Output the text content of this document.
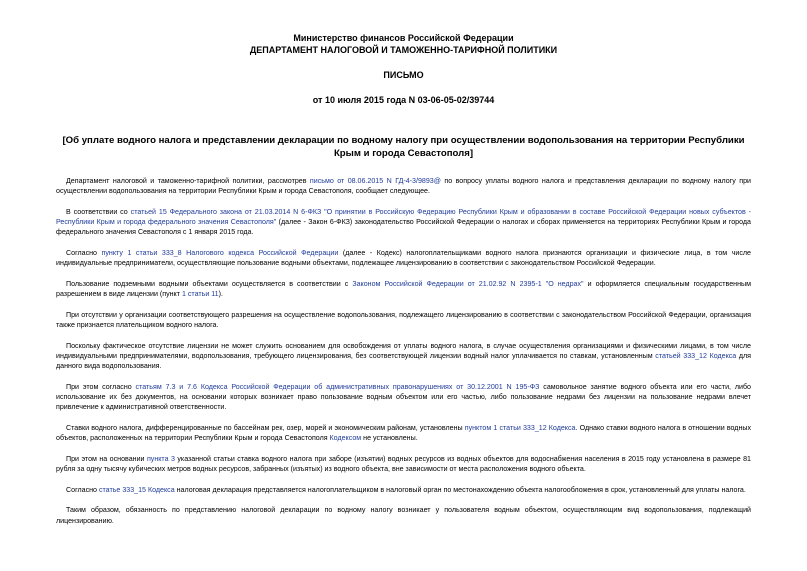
Министерство финансов Российской Федерации
ДЕПАРТАМЕНТ НАЛОГОВОЙ И ТАМОЖЕННО-ТАРИФНОЙ ПОЛИТИКИ
ПИСЬМО
от 10 июля 2015 года N 03-06-05-02/39744
[Об уплате водного налога и представлении декларации по водному налогу при осуществлении водопользования на территории Республики Крым и города Севастополя]

Департамент налоговой и таможенно-тарифной политики, рассмотрев письмо от 08.06.2015 N ГД-4-3/9893@ по вопросу уплаты водного налога и представления декларации по водному налогу при осуществлении водопользования на территории Республики Крым и города Севастополя, сообщает следующее.

В соответствии со статьей 15 Федерального закона от 21.03.2014 N 6-ФКЗ "О принятии в Российскую Федерацию Республики Крым и образовании в составе Российской Федерации новых субъектов - Республики Крым и города федерального значения Севастополя" (далее - Закон 6-ФКЗ) законодательство Российской Федерации о налогах и сборах применяется на территориях Республики Крым и города федерального значения Севастополя с 1 января 2015 года.

Согласно пункту 1 статьи 333_8 Налогового кодекса Российской Федерации (далее - Кодекс) налогоплательщиками водного налога признаются организации и физические лица, в том числе индивидуальные предприниматели, осуществляющие пользование водными объектами, подлежащее лицензированию в соответствии с законодательством Российской Федерации.

Пользование подземными водными объектами осуществляется в соответствии с Законом Российской Федерации от 21.02.92 N 2395-1 "О недрах" и оформляется специальным государственным разрешением в виде лицензии (пункт 1 статьи 11).

При отсутствии у организации соответствующего разрешения на осуществление водопользования, подлежащего лицензированию в соответствии с законодательством Российской Федерации, организация также признается плательщиком водного налога.

Поскольку фактическое отсутствие лицензии не может служить основанием для освобождения от уплаты водного налога, в случае осуществления организациями и физическими лицами, в том числе индивидуальными предпринимателями, водопользования, требующего лицензирования, без соответствующей лицензии водный налог уплачивается по ставкам, установленным статьей 333_12 Кодекса для данного вида водопользования.

При этом согласно статьям 7.3 и 7.6 Кодекса Российской Федерации об административных правонарушениях от 30.12.2001 N 195-ФЗ самовольное занятие водного объекта или его части, либо использование их без документов, на основании которых возникает право пользование водным объектом или его частью, либо пользование недрами без лицензии на пользование недрами влечет привлечение к административной ответственности.

Ставки водного налога, дифференцированные по бассейнам рек, озер, морей и экономическим районам, установлены пунктом 1 статьи 333_12 Кодекса. Однако ставки водного налога в отношении водных объектов, расположенных на территории Республики Крым и города Севастополя Кодексом не установлены.

При этом на основании пункта 3 указанной статьи ставка водного налога при заборе (изъятии) водных ресурсов из водных объектов для водоснабжения населения в 2015 году установлена в размере 81 рубля за одну тысячу кубических метров водных ресурсов, забранных (изъятых) из водного объекта, вне зависимости от места расположения водного объекта.

Согласно статье 333_15 Кодекса налоговая декларация представляется налогоплательщиком в налоговый орган по местонахождению объекта налогообложения в срок, установленный для уплаты налога.

Таким образом, обязанность по представлению налоговой декларации по водному налогу возникает у пользователя водным объектом, осуществляющим вид водопользования, подлежащий лицензированию.
